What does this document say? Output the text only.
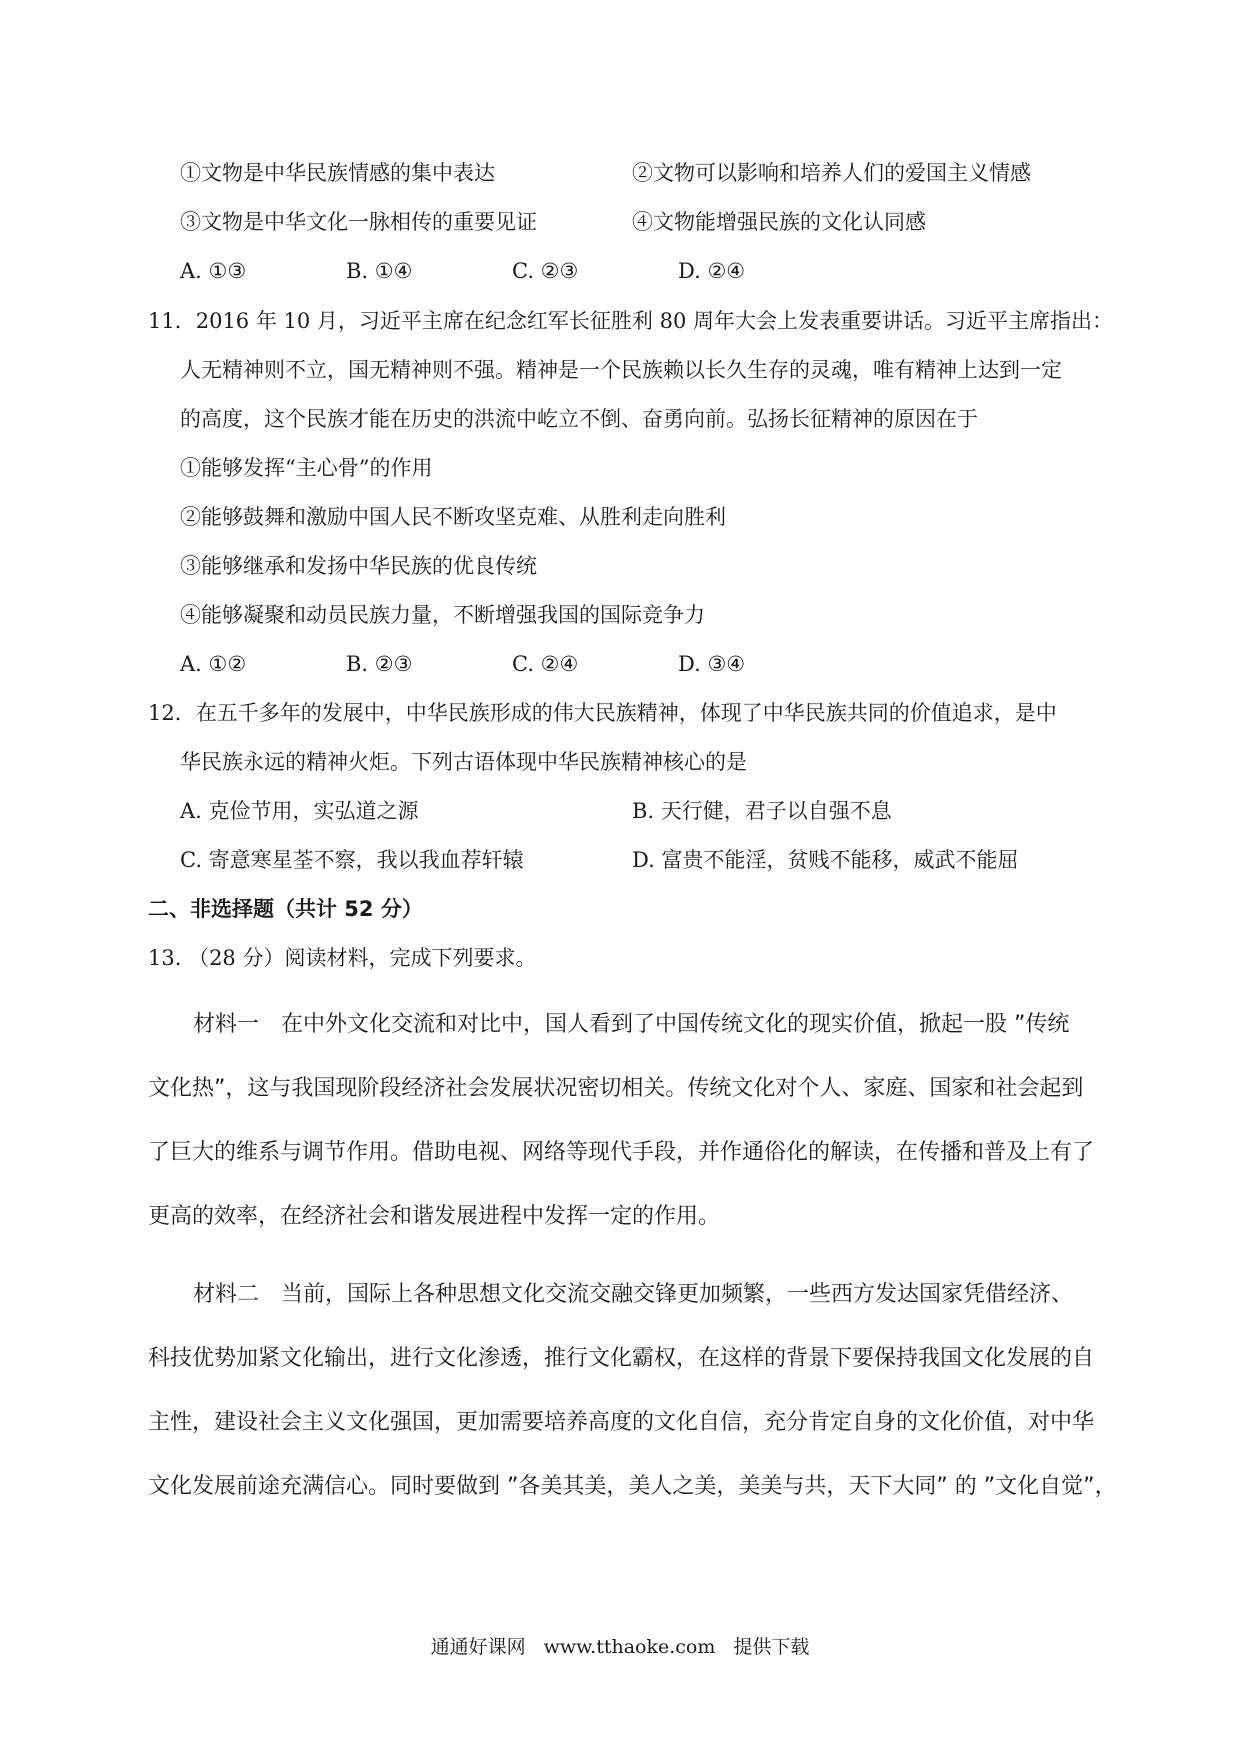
①文物是中华民族情感的集中表达	②文物可以影响和培养人们的爱国主义情感
③文物是中华文化一脉相传的重要见证	④文物能增强民族的文化认同感
A. ①③	B. ①④	C. ②③	D. ②④
11．2016 年 10 月，习近平主席在纪念红军长征胜利 80 周年大会上发表重要讲话。习近平主席指出：
人无精神则不立，国无精神则不强。精神是一个民族赖以长久生存的灵魂，唯有精神上达到一定
的高度，这个民族才能在历史的洪流中屹立不倒、奋勇向前。弘扬长征精神的原因在于
①能够发挥“主心骨”的作用
②能够鼓舞和激励中国人民不断攻坚克难、从胜利走向胜利
③能够继承和发扬中华民族的优良传统
④能够凝聚和动员民族力量，不断增强我国的国际竞争力
A. ①②	B. ②③	C. ②④	D. ③④
12．在五千多年的发展中，中华民族形成的伟大民族精神，体现了中华民族共同的价值追求，是中
华民族永远的精神火炬。下列古语体现中华民族精神核心的是
A. 克俭节用，实弘道之源	B. 天行健，君子以自强不息
C. 寄意寒星荃不察，我以我血荐轩辕	D. 富贵不能淫，贫贱不能移，威武不能屈
二、非选择题（共计 52 分）
13. （28 分）阅读材料，完成下列要求。
材料一　在中外文化交流和对比中，国人看到了中国传统文化的现实价值，掀起一股 ”传统
文化热”，这与我国现阶段经济社会发展状况密切相关。传统文化对个人、家庭、国家和社会起到
了巨大的维系与调节作用。借助电视、网络等现代手段，并作通俗化的解读，在传播和普及上有了
更高的效率，在经济社会和谐发展进程中发挥一定的作用。
材料二　当前，国际上各种思想文化交流交融交锋更加频繁，一些西方发达国家凭借经济、
科技优势加紧文化输出，进行文化渗透，推行文化霸权，在这样的背景下要保持我国文化发展的自
主性，建设社会主义文化强国，更加需要培养高度的文化自信，充分肯定自身的文化价值，对中华
文化发展前途充满信心。同时要做到 ”各美其美，美人之美，美美与共，天下大同” 的 ”文化自觉”，
通通好课网 www.tthaoke.com 提供下载
